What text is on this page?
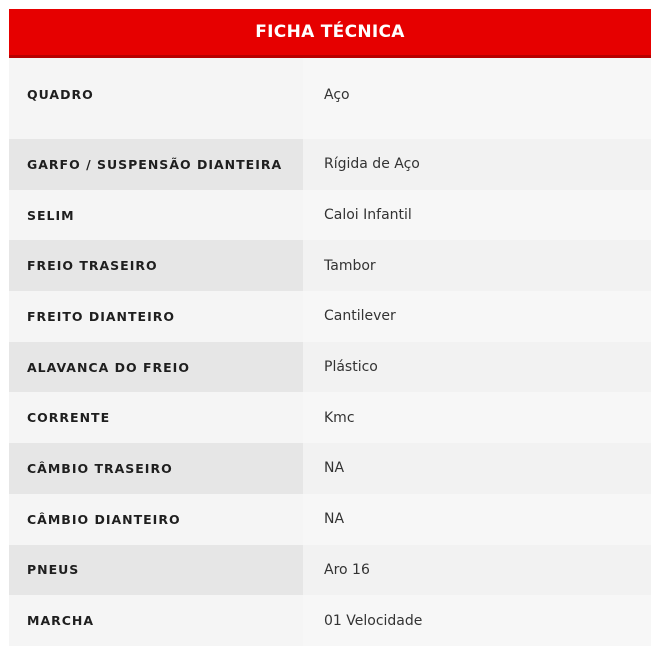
FICHA TÉCNICA
QUADRO	Aço
GARFO / SUSPENSÃO DIANTEIRA	Rígida de Aço
SELIM	Caloi Infantil
FREIO TRASEIRO	Tambor
FREITO DIANTEIRO	Cantilever
ALAVANCA DO FREIO	Plástico
CORRENTE	Kmc
CÂMBIO TRASEIRO	NA
CÂMBIO DIANTEIRO	NA
PNEUS	Aro 16
MARCHA	01 Velocidade
